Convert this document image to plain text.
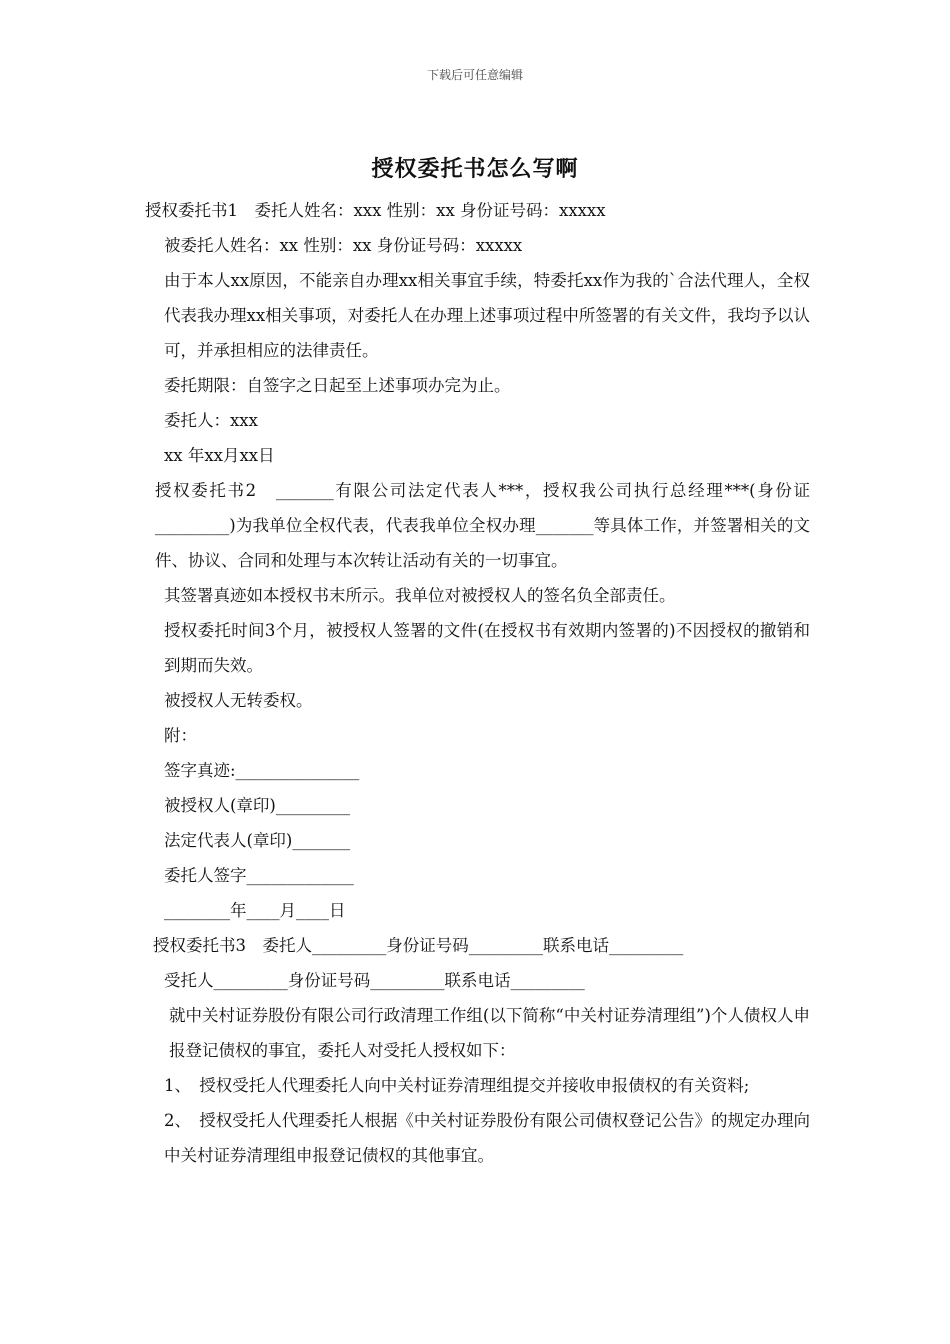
下载后可任意编辑
授权委托书怎么写啊

授权委托书1　委托人姓名：xxx 性别：xx 身份证号码：xxxxx

被委托人姓名：xx 性别：xx 身份证号码：xxxxx

由于本人xx原因，不能亲自办理xx相关事宜手续，特委托xx作为我的`合法代理人，全权代表我办理xx相关事项，对委托人在办理上述事项过程中所签署的有关文件，我均予以认可，并承担相应的法律责任。

委托期限：自签字之日起至上述事项办完为止。

委托人：xxx

xx 年xx月xx日

授权委托书2　_______有限公司法定代表人***，授权我公司执行总经理***(身份证_________)为我单位全权代表，代表我单位全权办理_______等具体工作，并签署相关的文件、协议、合同和处理与本次转让活动有关的一切事宜。

其签署真迹如本授权书末所示。我单位对被授权人的签名负全部责任。

授权委托时间3个月，被授权人签署的文件(在授权书有效期内签署的)不因授权的撤销和到期而失效。

被授权人无转委权。

附：

签字真迹:_______________

被授权人(章印)_________

法定代表人(章印)_______

委托人签字_____________

________年____月____日

授权委托书3　委托人_________身份证号码_________联系电话_________

受托人_________身份证号码_________联系电话_________

就中关村证券股份有限公司行政清理工作组(以下简称“中关村证券清理组”)个人债权人申报登记债权的事宜，委托人对受托人授权如下：

1、　授权受托人代理委托人向中关村证券清理组提交并接收申报债权的有关资料;

2、　授权受托人代理委托人根据《中关村证券股份有限公司债权登记公告》的规定办理向中关村证券清理组申报登记债权的其他事宜。
